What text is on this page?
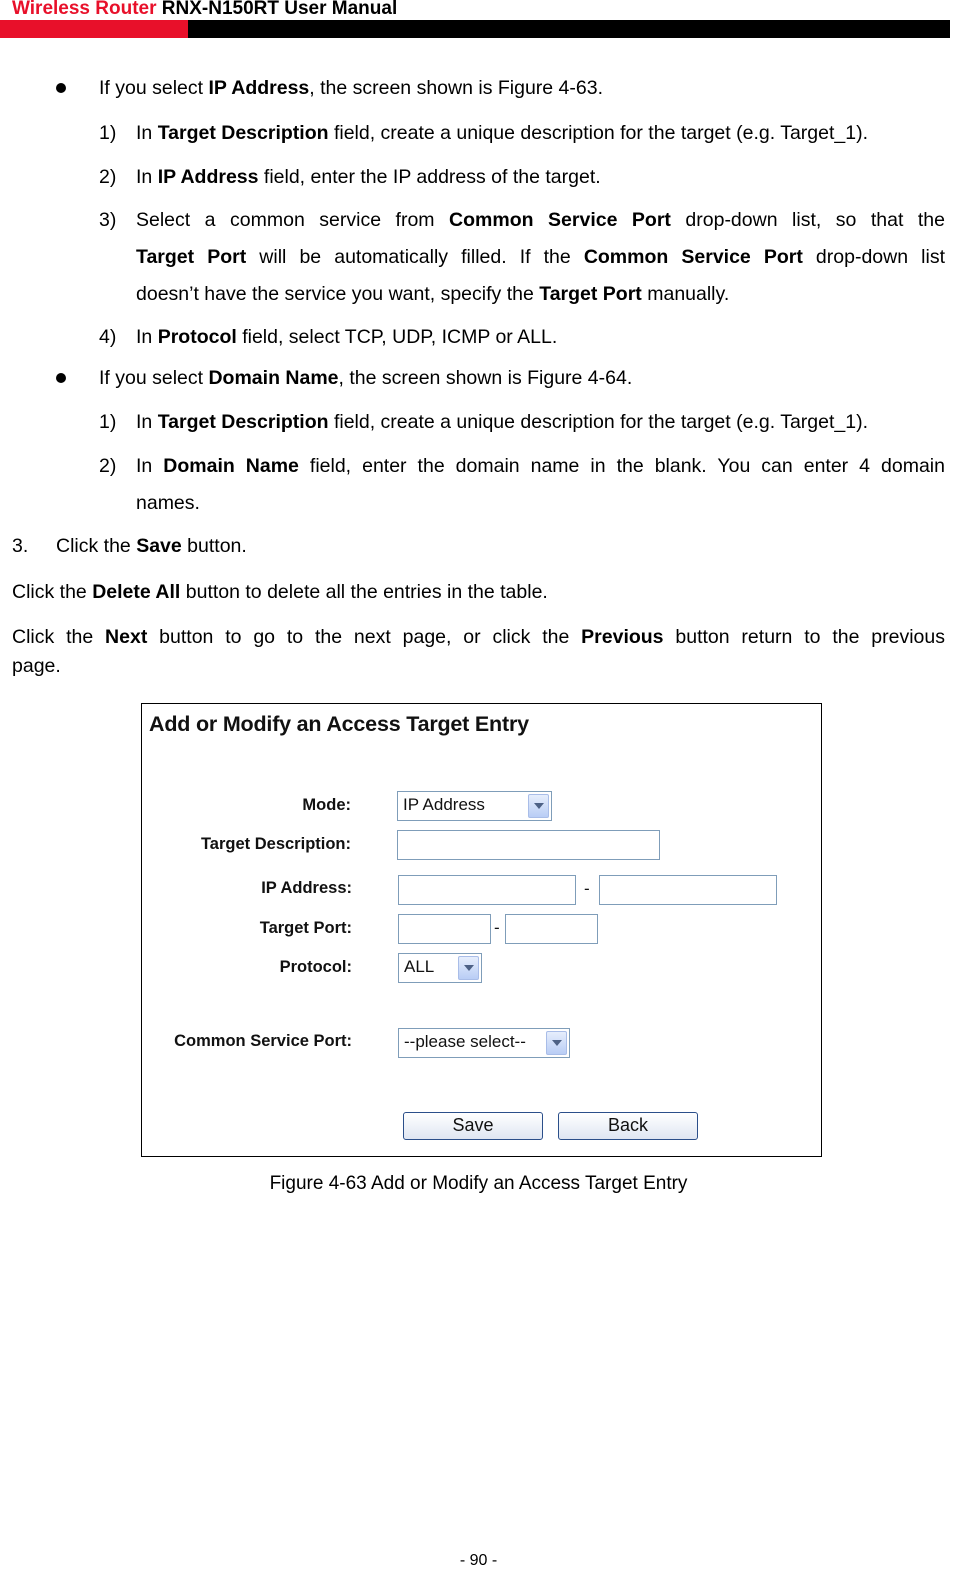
Wireless Router RNX-N150RT User Manual
If you select IP Address, the screen shown is Figure 4-63.
1) In Target Description field, create a unique description for the target (e.g. Target_1).
2) In IP Address field, enter the IP address of the target.
3) Select a common service from Common Service Port drop-down list, so that the
Target Port will be automatically filled. If the Common Service Port drop-down list
doesn’t have the service you want, specify the Target Port manually.
4) In Protocol field, select TCP, UDP, ICMP or ALL.
If you select Domain Name, the screen shown is Figure 4-64.
1) In Target Description field, create a unique description for the target (e.g. Target_1).
2) In Domain Name field, enter the domain name in the blank. You can enter 4 domain
names.
3. Click the Save button.
Click the Delete All button to delete all the entries in the table.
Click the Next button to go to the next page, or click the Previous button return to the previous
page.
Add or Modify an Access Target Entry
Mode:	IP Address
Target Description:
IP Address:	-
Target Port:	-
Protocol:	ALL
Common Service Port:	--please select--
Save	Back
Figure 4-63 Add or Modify an Access Target Entry
- 90 -
